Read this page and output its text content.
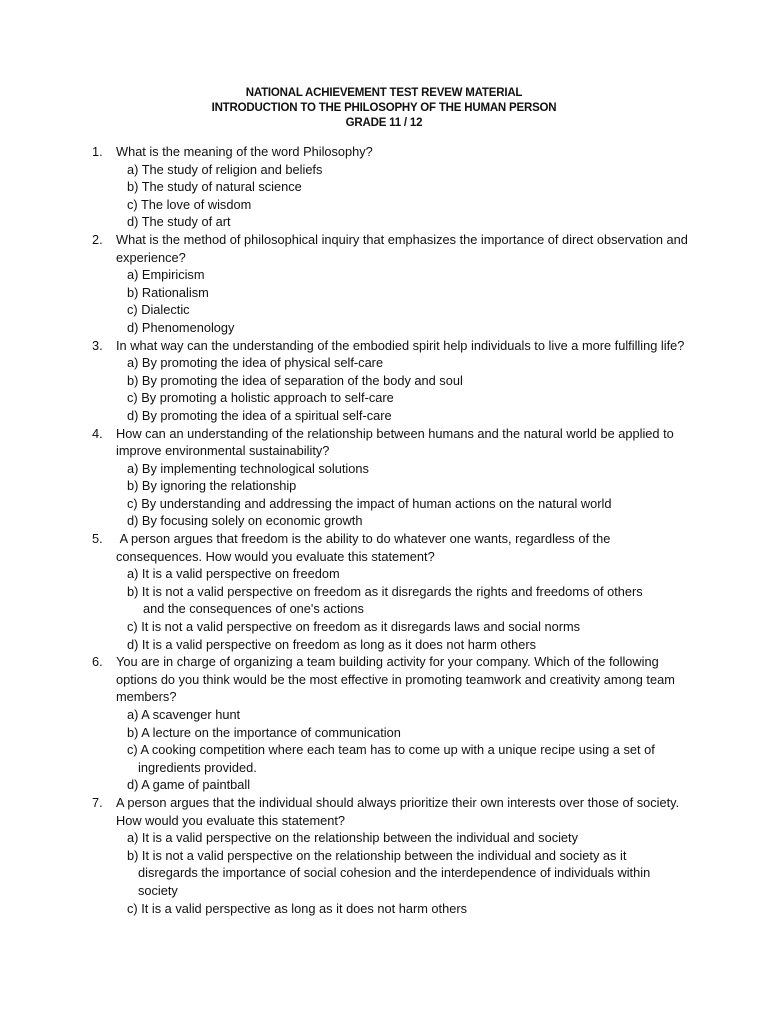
NATIONAL ACHIEVEMENT TEST REVEW MATERIAL
INTRODUCTION TO THE PHILOSOPHY OF THE HUMAN PERSON
GRADE 11 / 12
1.	What is the meaning of the word Philosophy?
a) The study of religion and beliefs
b) The study of natural science
c) The love of wisdom
d) The study of art
2.	What is the method of philosophical inquiry that emphasizes the importance of direct observation and experience?
a) Empiricism
b) Rationalism
c) Dialectic
d) Phenomenology
3.	In what way can the understanding of the embodied spirit help individuals to live a more fulfilling life?
a) By promoting the idea of physical self-care
b) By promoting the idea of separation of the body and soul
c) By promoting a holistic approach to self-care
d) By promoting the idea of a spiritual self-care
4.	How can an understanding of the relationship between humans and the natural world be applied to improve environmental sustainability?
a) By implementing technological solutions
b) By ignoring the relationship
c) By understanding and addressing the impact of human actions on the natural world
d) By focusing solely on economic growth
5.	A person argues that freedom is the ability to do whatever one wants, regardless of the consequences. How would you evaluate this statement?
a) It is a valid perspective on freedom
b) It is not a valid perspective on freedom as it disregards the rights and freedoms of others
and the consequences of one's actions
c) It is not a valid perspective on freedom as it disregards laws and social norms
d) It is a valid perspective on freedom as long as it does not harm others
6.	You are in charge of organizing a team building activity for your company. Which of the following options do you think would be the most effective in promoting teamwork and creativity among team members?
a) A scavenger hunt
b) A lecture on the importance of communication
c) A cooking competition where each team has to come up with a unique recipe using a set of
ingredients provided.
d) A game of paintball
7.	A person argues that the individual should always prioritize their own interests over those of society. How would you evaluate this statement?
a) It is a valid perspective on the relationship between the individual and society
b) It is not a valid perspective on the relationship between the individual and society as it
disregards the importance of social cohesion and the interdependence of individuals within
society
c) It is a valid perspective as long as it does not harm others
